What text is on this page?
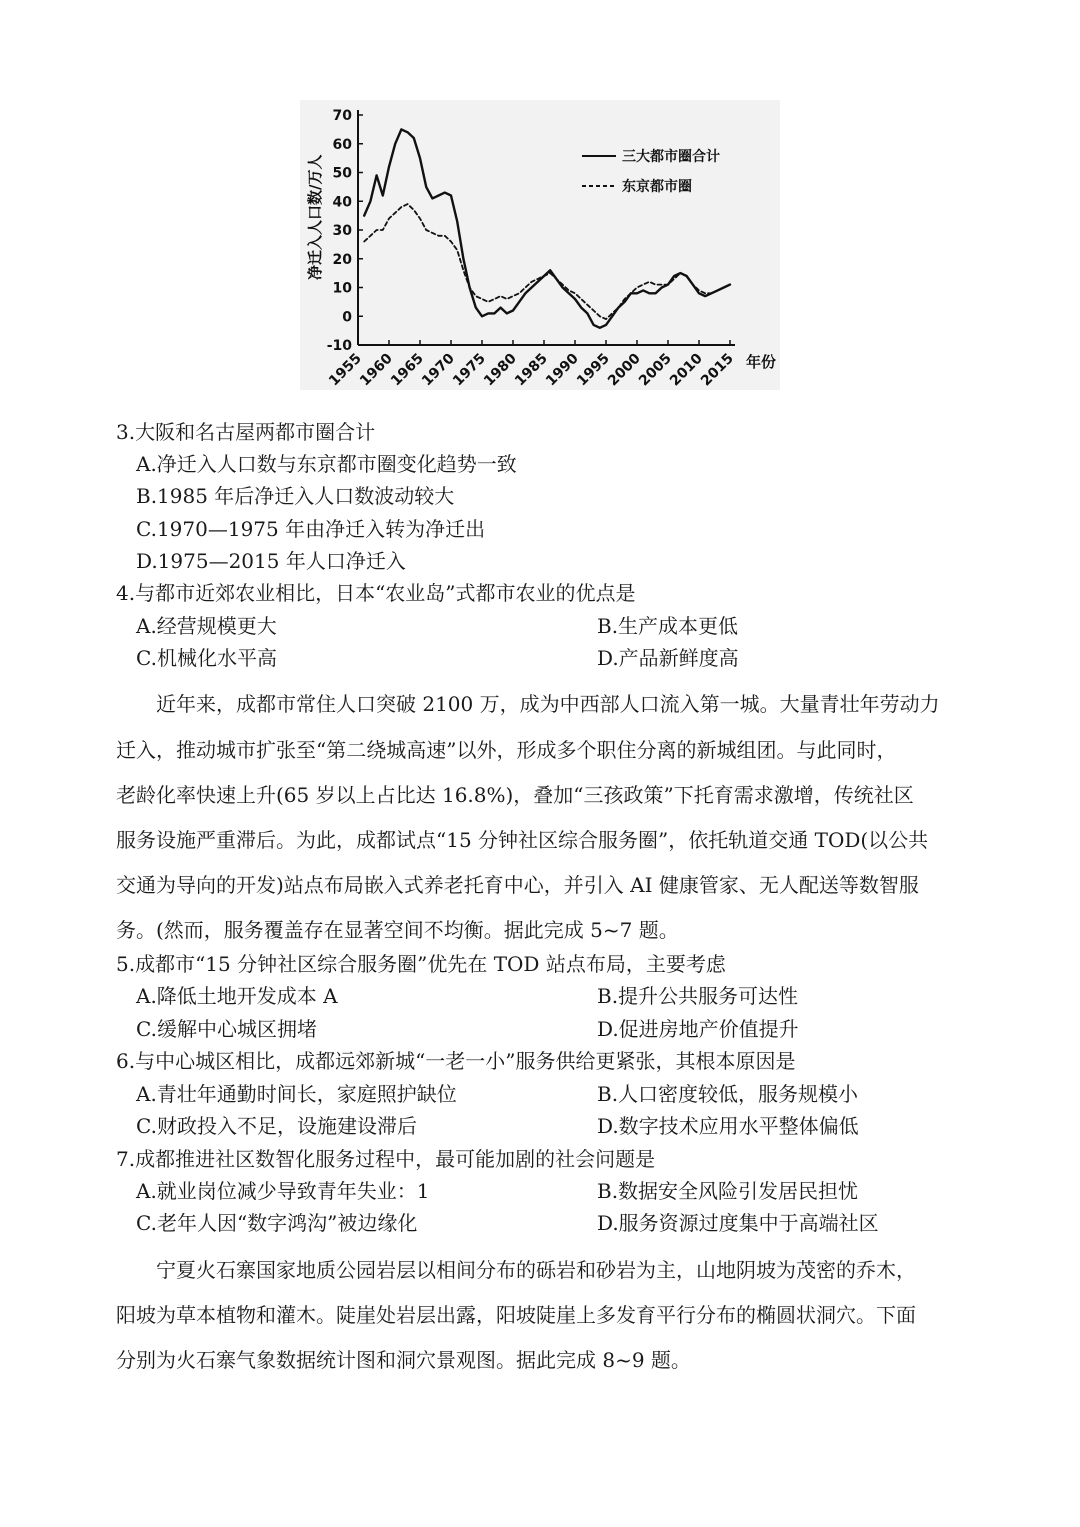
70
60
50
40
30
20
10
0
-10
1955
1960
1965
1970
1975
1980
1985
1990
1995
2000
2005
2010
2015
净迁入人口数/万人
年份
三大都市圈合计
东京都市圈
3.大阪和名古屋两都市圈合计
A.净迁入人口数与东京都市圈变化趋势一致
B.1985 年后净迁入人口数波动较大
C.1970—1975 年由净迁入转为净迁出
D.1975—2015 年人口净迁入
4.与都市近郊农业相比，日本“农业岛”式都市农业的优点是
A.经营规模更大	B.生产成本更低
C.机械化水平高	D.产品新鲜度高
近年来，成都市常住人口突破 2100 万，成为中西部人口流入第一城。大量青壮年劳动力
迁入，推动城市扩张至“第二绕城高速”以外，形成多个职住分离的新城组团。与此同时，
老龄化率快速上升(65 岁以上占比达 16.8%)，叠加“三孩政策”下托育需求激增，传统社区
服务设施严重滞后。为此，成都试点“15 分钟社区综合服务圈”，依托轨道交通 TOD(以公共
交通为导向的开发)站点布局嵌入式养老托育中心，并引入 AI 健康管家、无人配送等数智服
务。(然而，服务覆盖存在显著空间不均衡。据此完成 5~7 题。
5.成都市“15 分钟社区综合服务圈”优先在 TOD 站点布局，主要考虑
A.降低土地开发成本 A	B.提升公共服务可达性
C.缓解中心城区拥堵	D.促进房地产价值提升
6.与中心城区相比，成都远郊新城“一老一小”服务供给更紧张，其根本原因是
A.青壮年通勤时间长，家庭照护缺位	B.人口密度较低，服务规模小
C.财政投入不足，设施建设滞后	D.数字技术应用水平整体偏低
7.成都推进社区数智化服务过程中，最可能加剧的社会问题是
A.就业岗位减少导致青年失业：1	B.数据安全风险引发居民担忧
C.老年人因“数字鸿沟”被边缘化	D.服务资源过度集中于高端社区
宁夏火石寨国家地质公园岩层以相间分布的砾岩和砂岩为主，山地阴坡为茂密的乔木，
阳坡为草本植物和灌木。陡崖处岩层出露，阳坡陡崖上多发育平行分布的椭圆状洞穴。下面
分别为火石寨气象数据统计图和洞穴景观图。据此完成 8~9 题。
